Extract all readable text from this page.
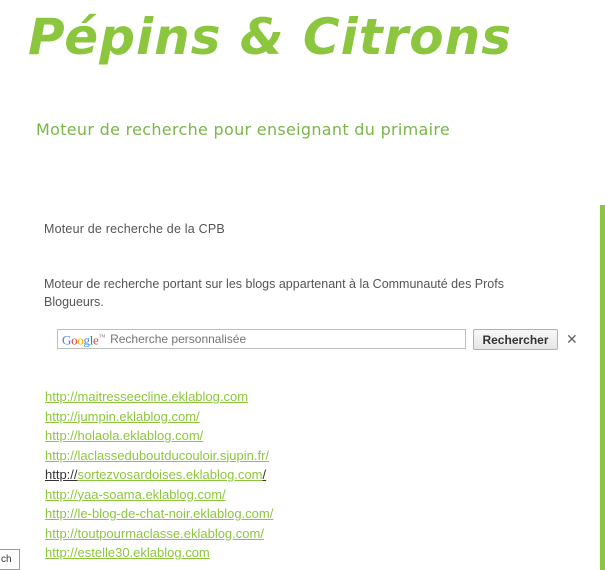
Pépins & Citrons
Moteur de recherche pour enseignant du primaire
Moteur de recherche de la CPB
Moteur de recherche portant sur les blogs appartenant à la Communauté des Profs Blogueurs.
Google™
Recherche personnalisée	Rechercher	✕
http://maitresseecline.eklablog.com
http://jumpin.eklablog.com/
http://holaola.eklablog.com/
http://laclasseduboutducouloir.sjupin.fr/
http://sortezvosardoises.eklablog.com/
http://yaa-soama.eklablog.com/
http://le-blog-de-chat-noir.eklablog.com/
http://toutpourmaclasse.eklablog.com/
http://estelle30.eklablog.com
ch
